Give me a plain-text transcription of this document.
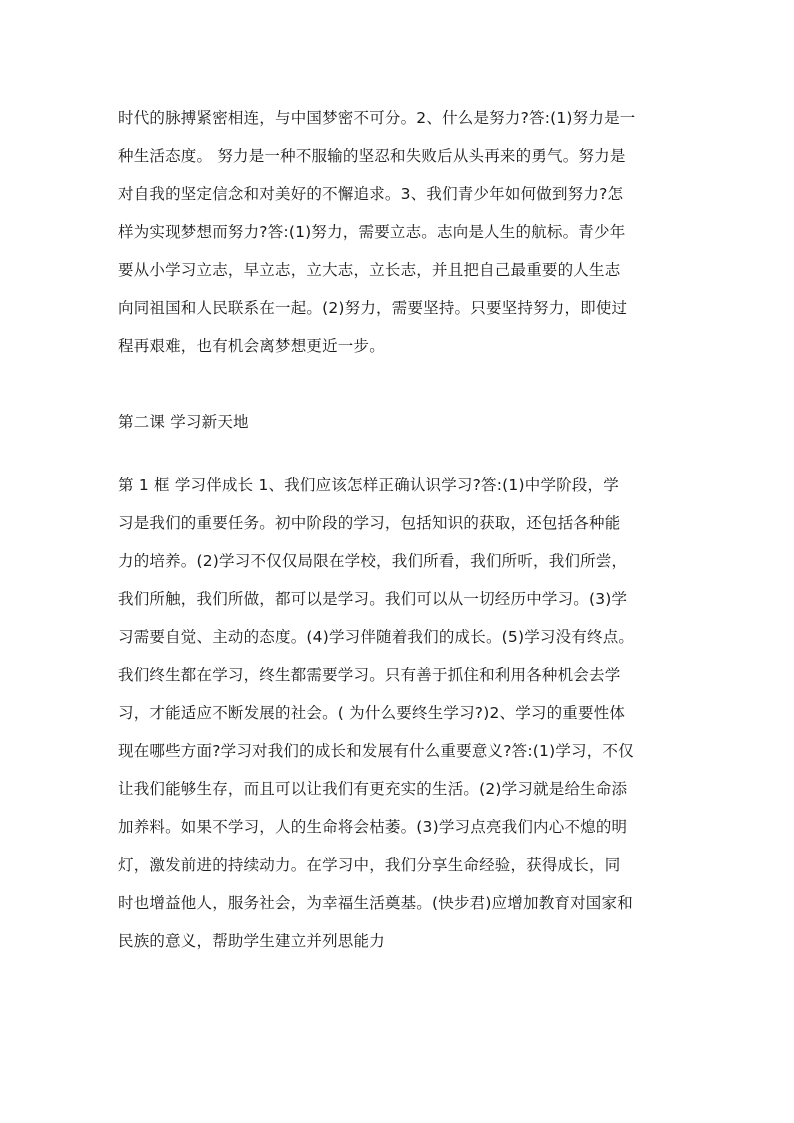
时代的脉搏紧密相连，与中国梦密不可分。2、什么是努力?答:(1)努力是一
种生活态度。 努力是一种不服输的坚忍和失败后从头再来的勇气。努力是
对自我的坚定信念和对美好的不懈追求。3、我们青少年如何做到努力?怎
样为实现梦想而努力?答:(1)努力，需要立志。志向是人生的航标。青少年
要从小学习立志，早立志，立大志，立长志，并且把自己最重要的人生志
向同祖国和人民联系在一起。(2)努力，需要坚持。只要坚持努力，即使过
程再艰难，也有机会离梦想更近一步。
第二课 学习新天地
第 1 框 学习伴成长 1、我们应该怎样正确认识学习?答:(1)中学阶段，学
习是我们的重要任务。初中阶段的学习，包括知识的获取，还包括各种能
力的培养。(2)学习不仅仅局限在学校，我们所看，我们所听，我们所尝，
我们所触，我们所做，都可以是学习。我们可以从一切经历中学习。(3)学
习需要自觉、主动的态度。(4)学习伴随着我们的成长。(5)学习没有终点。
我们终生都在学习，终生都需要学习。只有善于抓住和利用各种机会去学
习，才能适应不断发展的社会。( 为什么要终生学习?)2、学习的重要性体
现在哪些方面?学习对我们的成长和发展有什么重要意义?答:(1)学习，不仅
让我们能够生存，而且可以让我们有更充实的生活。(2)学习就是给生命添
加养料。如果不学习，人的生命将会枯萎。(3)学习点亮我们内心不熄的明
灯，激发前进的持续动力。在学习中，我们分享生命经验，获得成长，同
时也增益他人，服务社会，为幸福生活奠基。(快步君)应增加教育对国家和
民族的意义，帮助学生建立并列思能力
